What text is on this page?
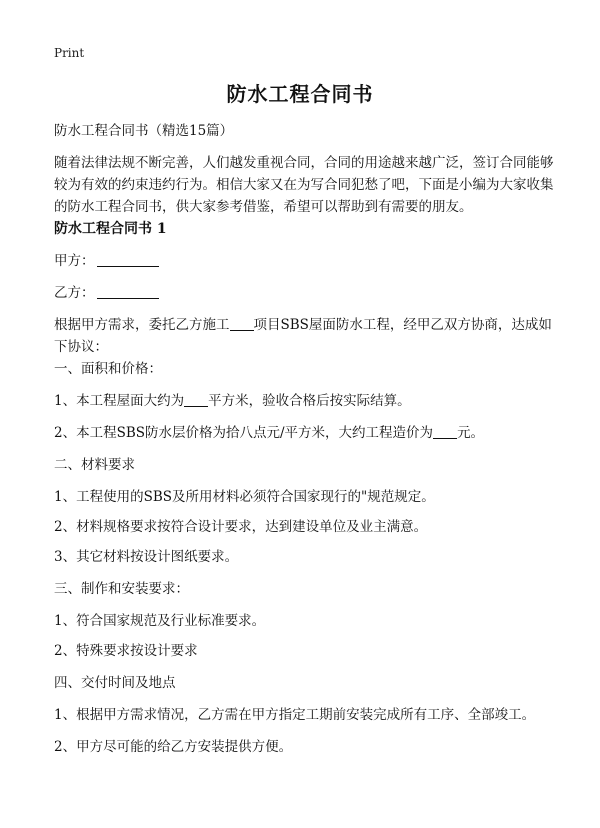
Print
防水工程合同书
防水工程合同书（精选15篇）
随着法律法规不断完善，人们越发重视合同，合同的用途越来越广泛，签订合同能够较为有效的约束违约行为。相信大家又在为写合同犯愁了吧，下面是小编为大家收集的防水工程合同书，供大家参考借鉴，希望可以帮助到有需要的朋友。
防水工程合同书 1
甲方：
乙方：
根据甲方需求，委托乙方施工 项目SBS屋面防水工程，经甲乙双方协商，达成如下协议：
一、面积和价格：
1、本工程屋面大约为 平方米，验收合格后按实际结算。
2、本工程SBS防水层价格为拾八点元/平方米，大约工程造价为 元。
二、材料要求
1、工程使用的SBS及所用材料必须符合国家现行的"规范规定。
2、材料规格要求按符合设计要求，达到建设单位及业主满意。
3、其它材料按设计图纸要求。
三、制作和安装要求：
1、符合国家规范及行业标准要求。
2、特殊要求按设计要求
四、交付时间及地点
1、根据甲方需求情况，乙方需在甲方指定工期前安装完成所有工序、全部竣工。
2、甲方尽可能的给乙方安装提供方便。
